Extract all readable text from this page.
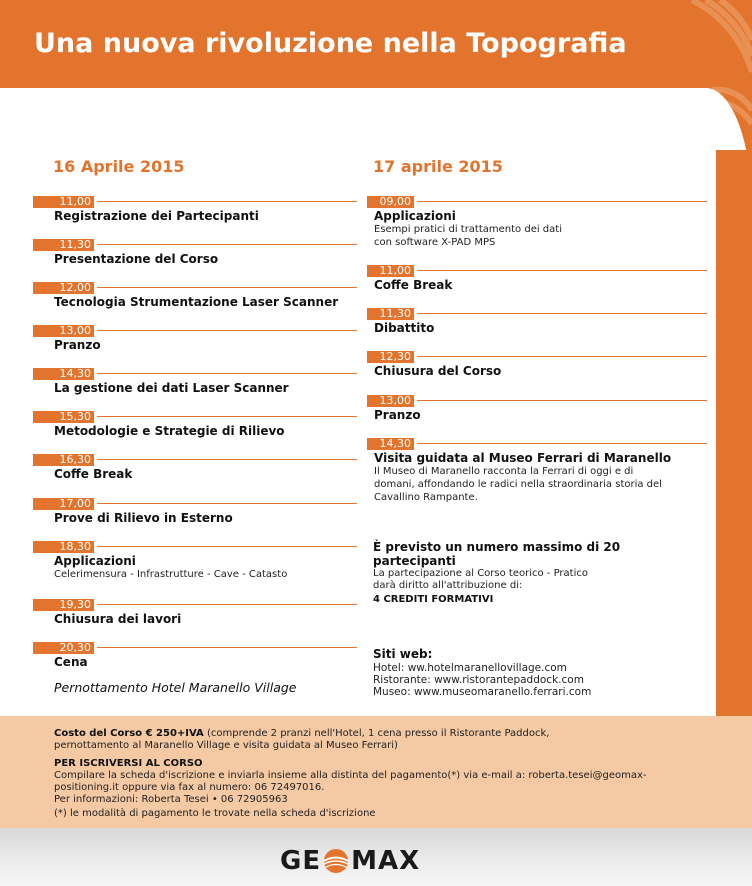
Una nuova rivoluzione nella Topografia
16 Aprile 2015
11,00
Registrazione dei Partecipanti
11,30
Presentazione del Corso
12,00
Tecnologia Strumentazione Laser Scanner
13,00
Pranzo
14,30
La gestione dei dati Laser Scanner
15,30
Metodologie e Strategie di Rilievo
16,30
Coffe Break
17,00
Prove di Rilievo in Esterno
18,30
Applicazioni
Celerimensura - Infrastrutture - Cave - Catasto
19,30
Chiusura dei lavori
20,30
Cena
Pernottamento Hotel Maranello Village
17 aprile 2015
09,00
Applicazioni
Esempi pratici di trattamento dei dati
con software X-PAD MPS
11,00
Coffe Break
11,30
Dibattito
12,30
Chiusura del Corso
13,00
Pranzo
14,30
Visita guidata al Museo Ferrari di Maranello
Il Museo di Maranello racconta la Ferrari di oggi e di
domani, affondando le radici nella straordinaria storia del
Cavallino Rampante.
È previsto un numero massimo di 20
partecipanti
La partecipazione al Corso teorico - Pratico
darà diritto all'attribuzione di:
4 CREDITI FORMATIVI
Siti web:
Hotel: ww.hotelmaranellovillage.com
Ristorante: www.ristorantepaddock.com
Museo: www.museomaranello.ferrari.com
Costo del Corso € 250+IVA (comprende 2 pranzi nell'Hotel, 1 cena presso il Ristorante Paddock,
pernottamento al Maranello Village e visita guidata al Museo Ferrari)
PER ISCRIVERSI AL CORSO
Compilare la scheda d'iscrizione e inviarla insieme alla distinta del pagamento(*) via e-mail a: roberta.tesei@geomax-
positioning.it oppure via fax al numero: 06 72497016.
Per informazioni: Roberta Tesei • 06 72905963
(*) le modalità di pagamento le trovate nella scheda d'iscrizione
GE MAX
